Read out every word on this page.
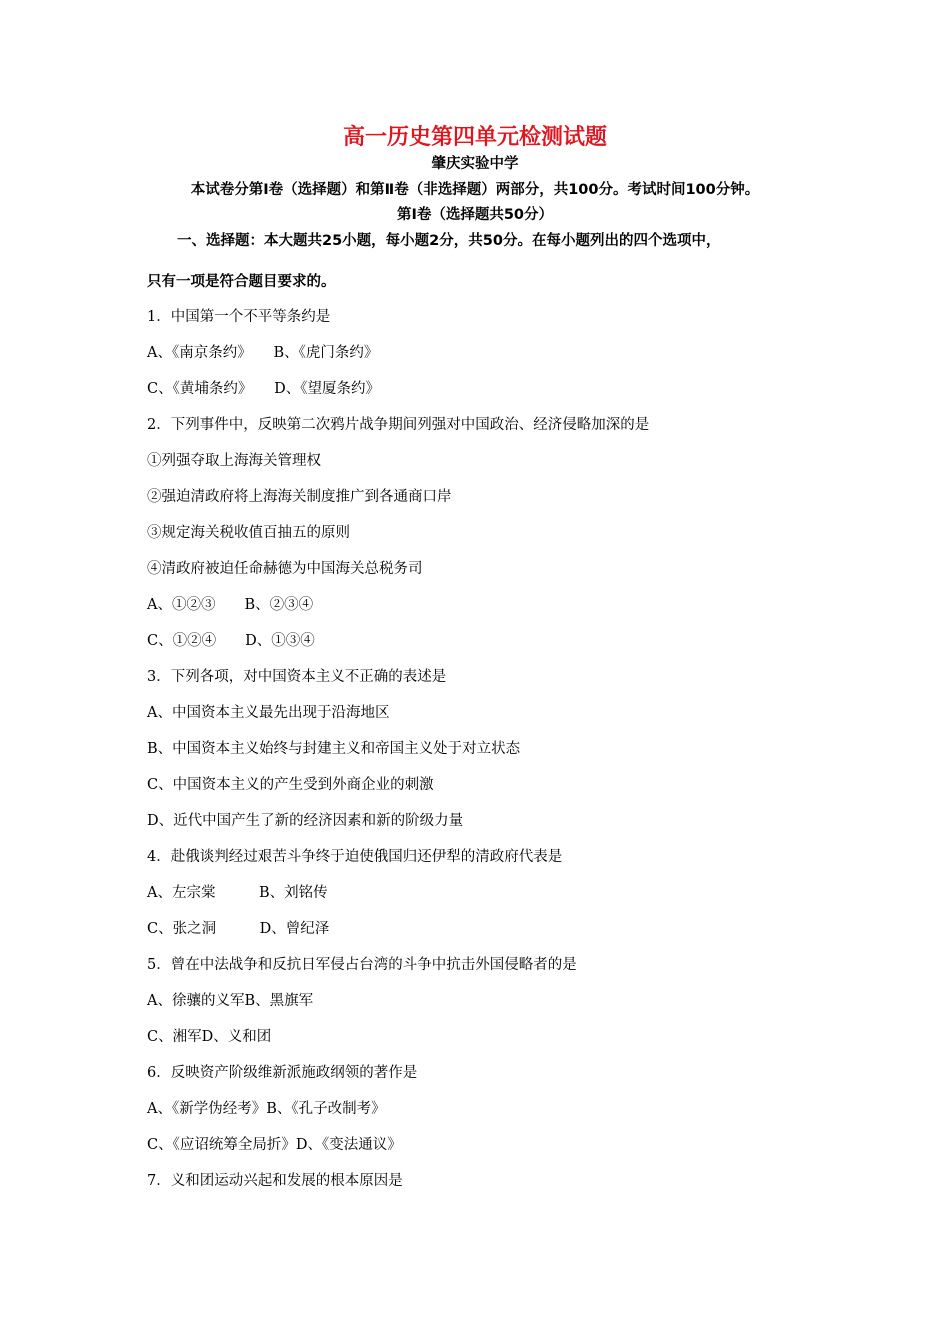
高一历史第四单元检测试题
肇庆实验中学
本试卷分第Ⅰ卷（选择题）和第Ⅱ卷（非选择题）两部分，共100分。考试时间100分钟。
第Ⅰ卷（选择题共50分）
一、选择题：本大题共25小题，每小题2分，共50分。在每小题列出的四个选项中，
只有一项是符合题目要求的。
1．中国第一个不平等条约是
A、《南京条约》　　B、《虎门条约》
C、《黄埔条约》　　D、《望厦条约》
2．下列事件中，反映第二次鸦片战争期间列强对中国政治、经济侵略加深的是
①列强夺取上海海关管理权
②强迫清政府将上海海关制度推广到各通商口岸
③规定海关税收值百抽五的原则
④清政府被迫任命赫德为中国海关总税务司
A、①②③　　B、②③④
C、①②④　　D、①③④
3．下列各项，对中国资本主义不正确的表述是
A、中国资本主义最先出现于沿海地区
B、中国资本主义始终与封建主义和帝国主义处于对立状态
C、中国资本主义的产生受到外商企业的刺激
D、近代中国产生了新的经济因素和新的阶级力量
4．赴俄谈判经过艰苦斗争终于迫使俄国归还伊犁的清政府代表是
A、左宗棠　　　B、刘铭传
C、张之洞　　　D、曾纪泽
5．曾在中法战争和反抗日军侵占台湾的斗争中抗击外国侵略者的是
A、徐骧的义军B、黑旗军
C、湘军D、义和团
6．反映资产阶级维新派施政纲领的著作是
A、《新学伪经考》B、《孔子改制考》
C、《应诏统筹全局折》D、《变法通议》
7．义和团运动兴起和发展的根本原因是
